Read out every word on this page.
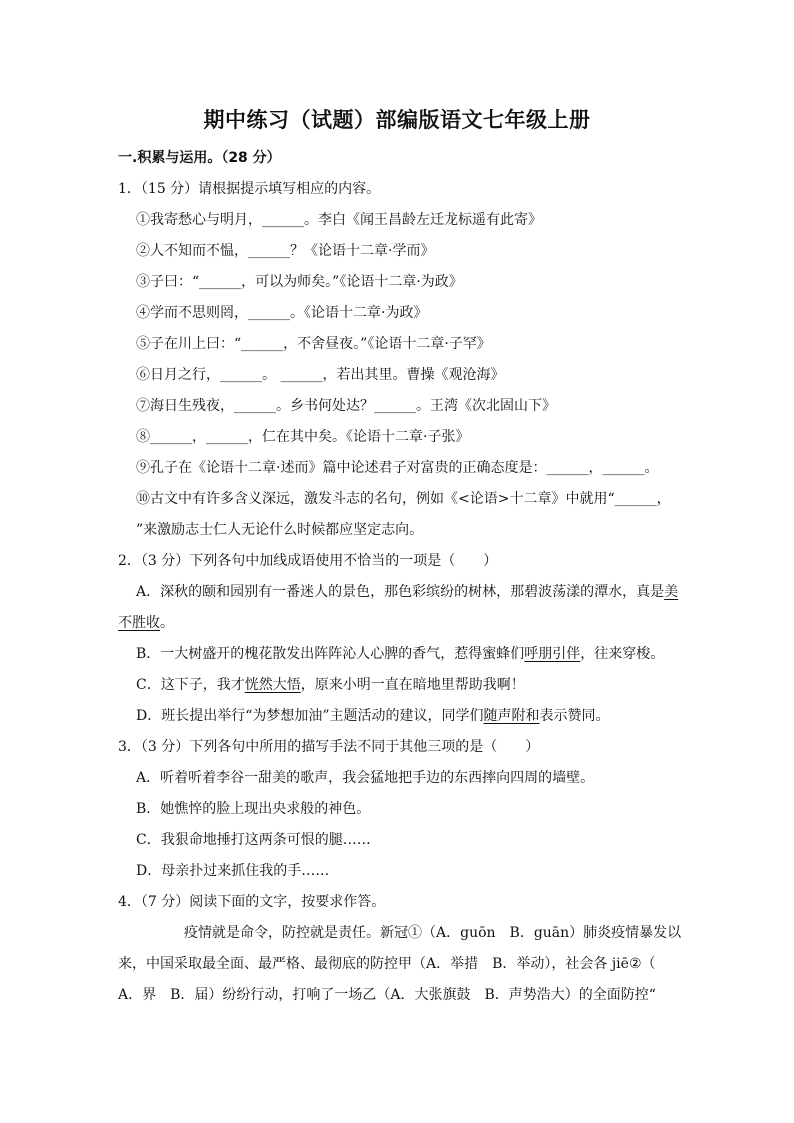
期中练习（试题）部编版语文七年级上册
一.积累与运用。（28 分）
1．（15 分）请根据提示填写相应的内容。
①我寄愁心与明月，______。李白《闻王昌龄左迁龙标遥有此寄》
②人不知而不愠，______？《论语十二章·学而》
③子曰：“______，可以为师矣。”《论语十二章·为政》
④学而不思则罔，______。《论语十二章·为政》
⑤子在川上曰：“______，不舍昼夜。”《论语十二章·子罕》
⑥日月之行，______。 ______，若出其里。曹操《观沧海》
⑦海日生残夜，______。乡书何处达？______。王湾《次北固山下》
⑧______，______，仁在其中矣。《论语十二章·子张》
⑨孔子在《论语十二章·述而》篇中论述君子对富贵的正确态度是：______，______。
⑩古文中有许多含义深远，激发斗志的名句，例如《<论语>十二章》中就用“______，
”来激励志士仁人无论什么时候都应坚定志向。
2．（3 分）下列各句中加线成语使用不恰当的一项是（　　）
A．深秋的颐和园别有一番迷人的景色，那色彩缤纷的树林，那碧波荡漾的潭水，真是美
不胜收。
B．一大树盛开的槐花散发出阵阵沁人心脾的香气，惹得蜜蜂们呼朋引伴，往来穿梭。
C．这下子，我才恍然大悟，原来小明一直在暗地里帮助我啊！
D．班长提出举行“为梦想加油”主题活动的建议，同学们随声附和表示赞同。
3．（3 分）下列各句中所用的描写手法不同于其他三项的是（　　）
A．听着听着李谷一甜美的歌声，我会猛地把手边的东西摔向四周的墙壁。
B．她憔悴的脸上现出央求般的神色。
C．我狠命地捶打这两条可恨的腿……
D．母亲扑过来抓住我的手……
4．（7 分）阅读下面的文字，按要求作答。
疫情就是命令，防控就是责任。新冠①（A．guōn　B．guān）肺炎疫情暴发以
来，中国采取最全面、最严格、最彻底的防控甲（A．举措　B．举动），社会各 jiē②（
A．界　B．届）纷纷行动，打响了一场乙（A．大张旗鼓　B．声势浩大）的全面防控“
